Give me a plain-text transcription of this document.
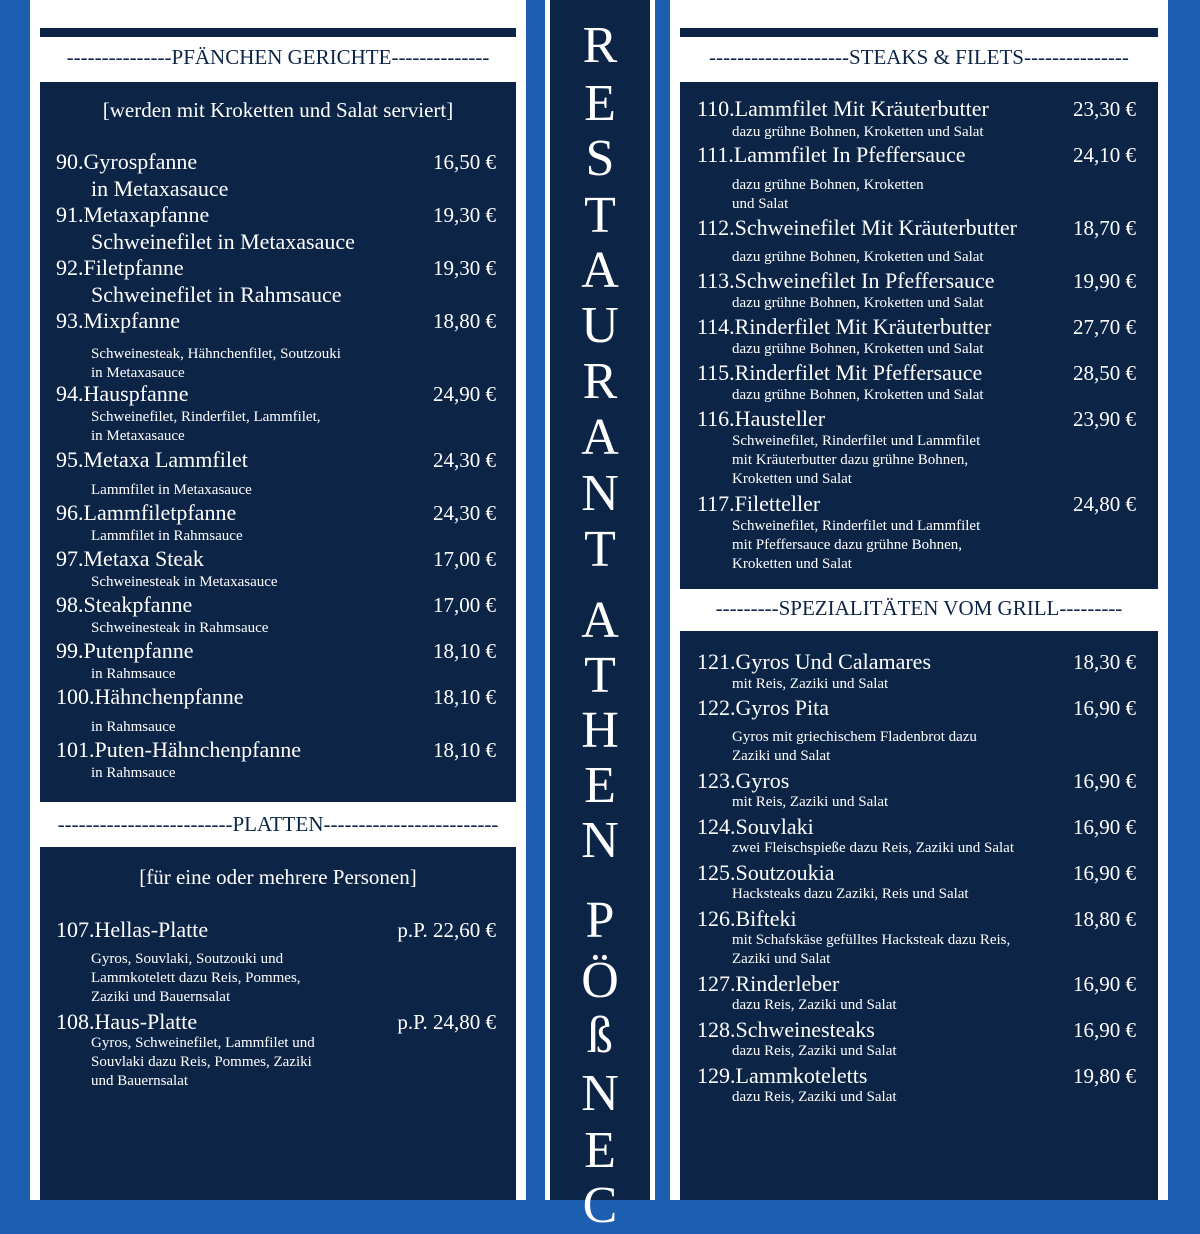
---------------PFÄNCHEN GERICHTE--------------
[werden mit Kroketten und Salat serviert]
90.Gyrospfanne	16,50 €
in Metaxasauce
91.Metaxapfanne	19,30 €
Schweinefilet in Metaxasauce
92.Filetpfanne	19,30 €
Schweinefilet in Rahmsauce
93.Mixpfanne	18,80 €
Schweinesteak, Hähnchenfilet, Soutzouki
in Metaxasauce
94.Hauspfanne	24,90 €
Schweinefilet, Rinderfilet, Lammfilet,
in Metaxasauce
95.Metaxa Lammfilet	24,30 €
Lammfilet in Metaxasauce
96.Lammfiletpfanne	24,30 €
Lammfilet in Rahmsauce
97.Metaxa Steak	17,00 €
Schweinesteak in Metaxasauce
98.Steakpfanne	17,00 €
Schweinesteak in Rahmsauce
99.Putenpfanne	18,10 €
in Rahmsauce
100.Hähnchenpfanne	18,10 €
in Rahmsauce
101.Puten-Hähnchenpfanne	18,10 €
in Rahmsauce
-------------------------PLATTEN-------------------------
[für eine oder mehrere Personen]
107.Hellas-Platte	p.P. 22,60 €
Gyros, Souvlaki, Soutzouki und
Lammkotelett dazu Reis, Pommes,
Zaziki und Bauernsalat
108.Haus-Platte	p.P. 24,80 €
Gyros, Schweinefilet, Lammfilet und
Souvlaki dazu Reis, Pommes, Zaziki
und Bauernsalat
R
E
S
T
A
U
R
A
N
T
A
T
H
E
N
P
Ö
ß
N
E
C
--------------------STEAKS & FILETS---------------
110.Lammfilet Mit Kräuterbutter	23,30 €
dazu grühne Bohnen, Kroketten und Salat
111.Lammfilet In Pfeffersauce	24,10 €
dazu grühne Bohnen, Kroketten
und Salat
112.Schweinefilet Mit Kräuterbutter	18,70 €
dazu grühne Bohnen, Kroketten und Salat
113.Schweinefilet In Pfeffersauce	19,90 €
dazu grühne Bohnen, Kroketten und Salat
114.Rinderfilet Mit Kräuterbutter	27,70 €
dazu grühne Bohnen, Kroketten und Salat
115.Rinderfilet Mit Pfeffersauce	28,50 €
dazu grühne Bohnen, Kroketten und Salat
116.Hausteller	23,90 €
Schweinefilet, Rinderfilet und Lammfilet
mit Kräuterbutter dazu grühne Bohnen,
Kroketten und Salat
117.Filetteller	24,80 €
Schweinefilet, Rinderfilet und Lammfilet
mit Pfeffersauce dazu grühne Bohnen,
Kroketten und Salat
---------SPEZIALITÄTEN VOM GRILL---------
121.Gyros Und Calamares	18,30 €
mit Reis, Zaziki und Salat
122.Gyros Pita	16,90 €
Gyros mit griechischem Fladenbrot dazu
Zaziki und Salat
123.Gyros	16,90 €
mit Reis, Zaziki und Salat
124.Souvlaki	16,90 €
zwei Fleischspieße dazu Reis, Zaziki und Salat
125.Soutzoukia	16,90 €
Hacksteaks dazu Zaziki, Reis und Salat
126.Bifteki	18,80 €
mit Schafskäse gefülltes Hacksteak dazu Reis,
Zaziki und Salat
127.Rinderleber	16,90 €
dazu Reis, Zaziki und Salat
128.Schweinesteaks	16,90 €
dazu Reis, Zaziki und Salat
129.Lammkoteletts	19,80 €
dazu Reis, Zaziki und Salat
